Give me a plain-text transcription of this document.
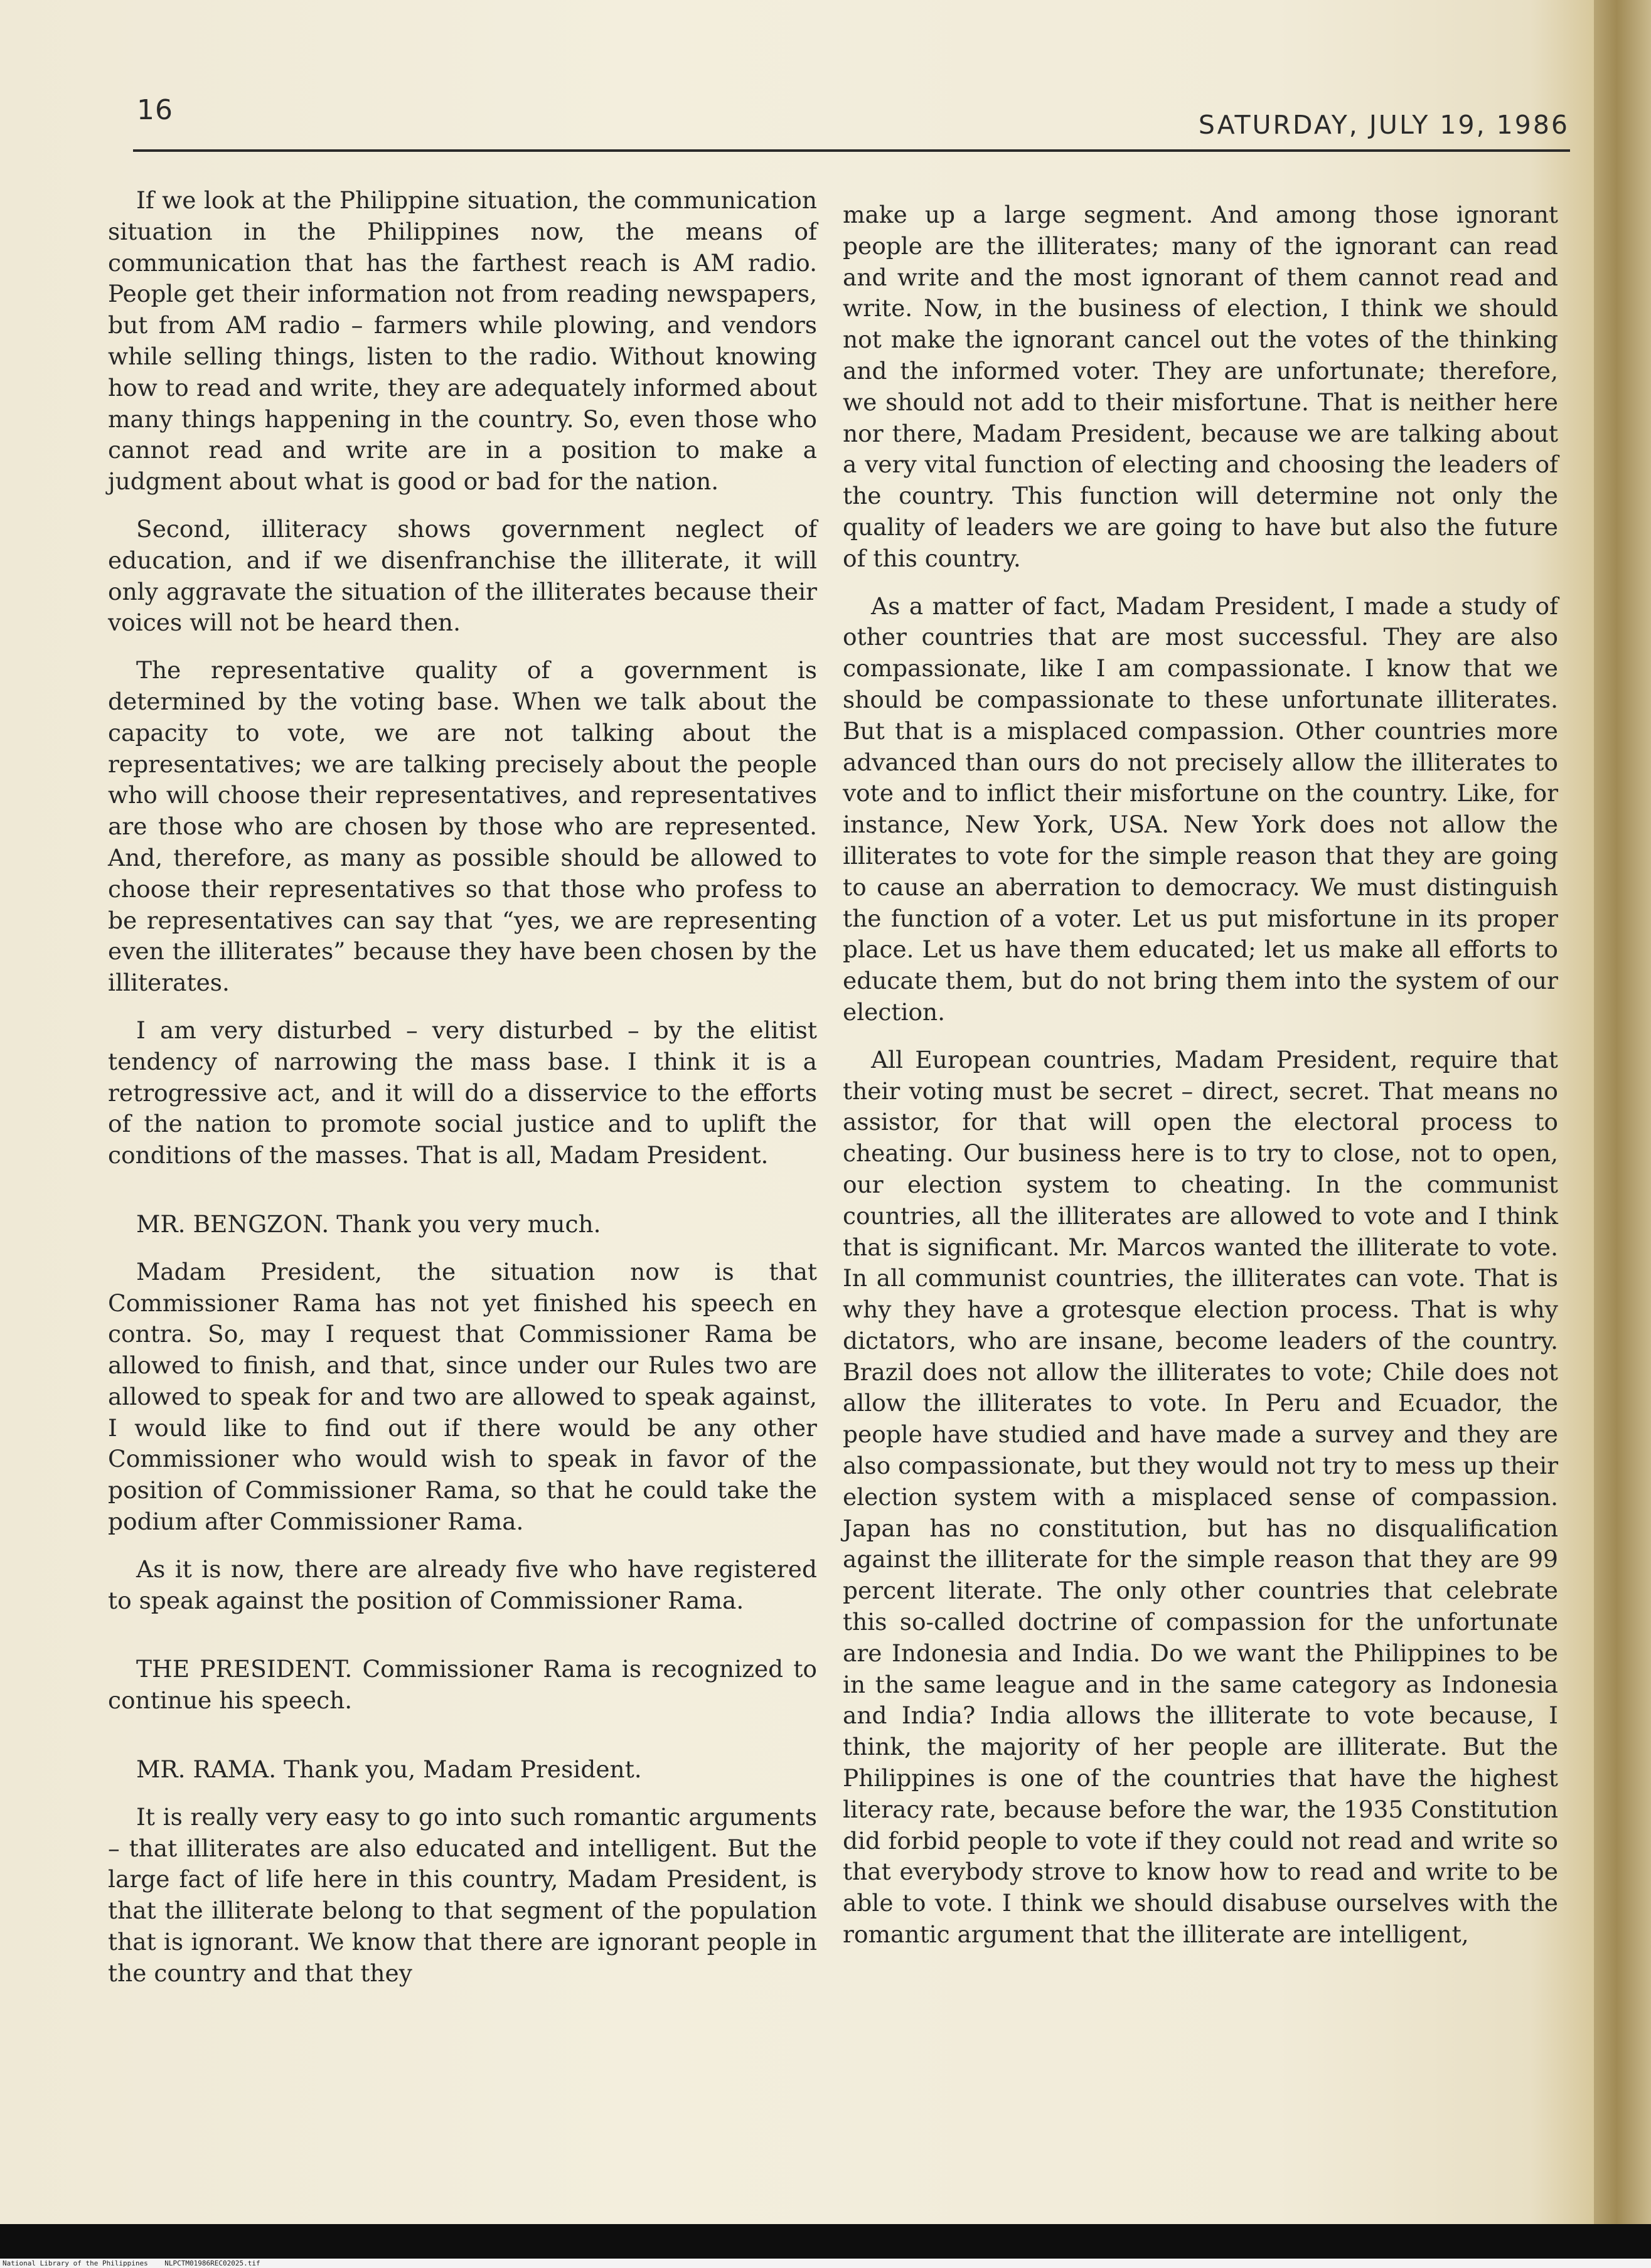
National Library of the Philippines    NLPCTM01986REC02025.tif
16	SATURDAY, JULY 19, 1986

If we look at the Philippine situation, the communication situation in the Philippines now, the means of communication that has the farthest reach is AM radio. People get their information not from reading newspapers, but from AM radio – farmers while plowing, and vendors while selling things, listen to the radio. Without knowing how to read and write, they are adequately informed about many things happening in the country. So, even those who cannot read and write are in a position to make a judgment about what is good or bad for the nation.

Second, illiteracy shows government neglect of education, and if we disenfranchise the illiterate, it will only aggravate the situation of the illiterates because their voices will not be heard then.

The representative quality of a government is determined by the voting base. When we talk about the capacity to vote, we are not talking about the representatives; we are talking precisely about the people who will choose their representatives, and representatives are those who are chosen by those who are represented. And, therefore, as many as possible should be allowed to choose their representatives so that those who profess to be representatives can say that “yes, we are representing even the illiterates” because they have been chosen by the illiterates.

I am very disturbed – very disturbed – by the elitist tendency of narrowing the mass base. I think it is a retrogressive act, and it will do a disservice to the efforts of the nation to promote social justice and to uplift the conditions of the masses. That is all, Madam President.

MR. BENGZON. Thank you very much.

Madam President, the situation now is that Commissioner Rama has not yet finished his speech en contra. So, may I request that Commissioner Rama be allowed to finish, and that, since under our Rules two are allowed to speak for and two are allowed to speak against, I would like to find out if there would be any other Commissioner who would wish to speak in favor of the position of Commissioner Rama, so that he could take the podium after Commissioner Rama.

As it is now, there are already five who have registered to speak against the position of Commissioner Rama.

THE PRESIDENT. Commissioner Rama is recognized to continue his speech.

MR. RAMA. Thank you, Madam President.

It is really very easy to go into such romantic arguments – that illiterates are also educated and intelligent. But the large fact of life here in this country, Madam President, is that the illiterate belong to that segment of the population that is ignorant. We know that there are ignorant people in the country and that they

make up a large segment. And among those ignorant people are the illiterates; many of the ignorant can read and write and the most ignorant of them cannot read and write. Now, in the business of election, I think we should not make the ignorant cancel out the votes of the thinking and the informed voter. They are unfortunate; therefore, we should not add to their misfortune. That is neither here nor there, Madam President, because we are talking about a very vital function of electing and choosing the leaders of the country. This function will determine not only the quality of leaders we are going to have but also the future of this country.

As a matter of fact, Madam President, I made a study of other countries that are most successful. They are also compassionate, like I am compassionate. I know that we should be compassionate to these unfortunate illiterates. But that is a misplaced compassion. Other countries more advanced than ours do not precisely allow the illiterates to vote and to inflict their misfortune on the country. Like, for instance, New York, USA. New York does not allow the illiterates to vote for the simple reason that they are going to cause an aberration to democracy. We must distinguish the function of a voter. Let us put misfortune in its proper place. Let us have them educated; let us make all efforts to educate them, but do not bring them into the system of our election.

All European countries, Madam President, require that their voting must be secret – direct, secret. That means no assistor, for that will open the electoral process to cheating. Our business here is to try to close, not to open, our election system to cheating. In the communist countries, all the illiterates are allowed to vote and I think that is significant. Mr. Marcos wanted the illiterate to vote. In all communist countries, the illiterates can vote. That is why they have a grotesque election process. That is why dictators, who are insane, become leaders of the country. Brazil does not allow the illiterates to vote; Chile does not allow the illiterates to vote. In Peru and Ecuador, the people have studied and have made a survey and they are also compassionate, but they would not try to mess up their election system with a misplaced sense of compassion. Japan has no constitution, but has no disqualification against the illiterate for the simple reason that they are 99 percent literate. The only other countries that celebrate this so-called doctrine of compassion for the unfortunate are Indonesia and India. Do we want the Philippines to be in the same league and in the same category as Indonesia and India? India allows the illiterate to vote because, I think, the majority of her people are illiterate. But the Philippines is one of the countries that have the highest literacy rate, because before the war, the 1935 Constitution did forbid people to vote if they could not read and write so that everybody strove to know how to read and write to be able to vote. I think we should disabuse ourselves with the romantic argument that the illiterate are intelligent,
